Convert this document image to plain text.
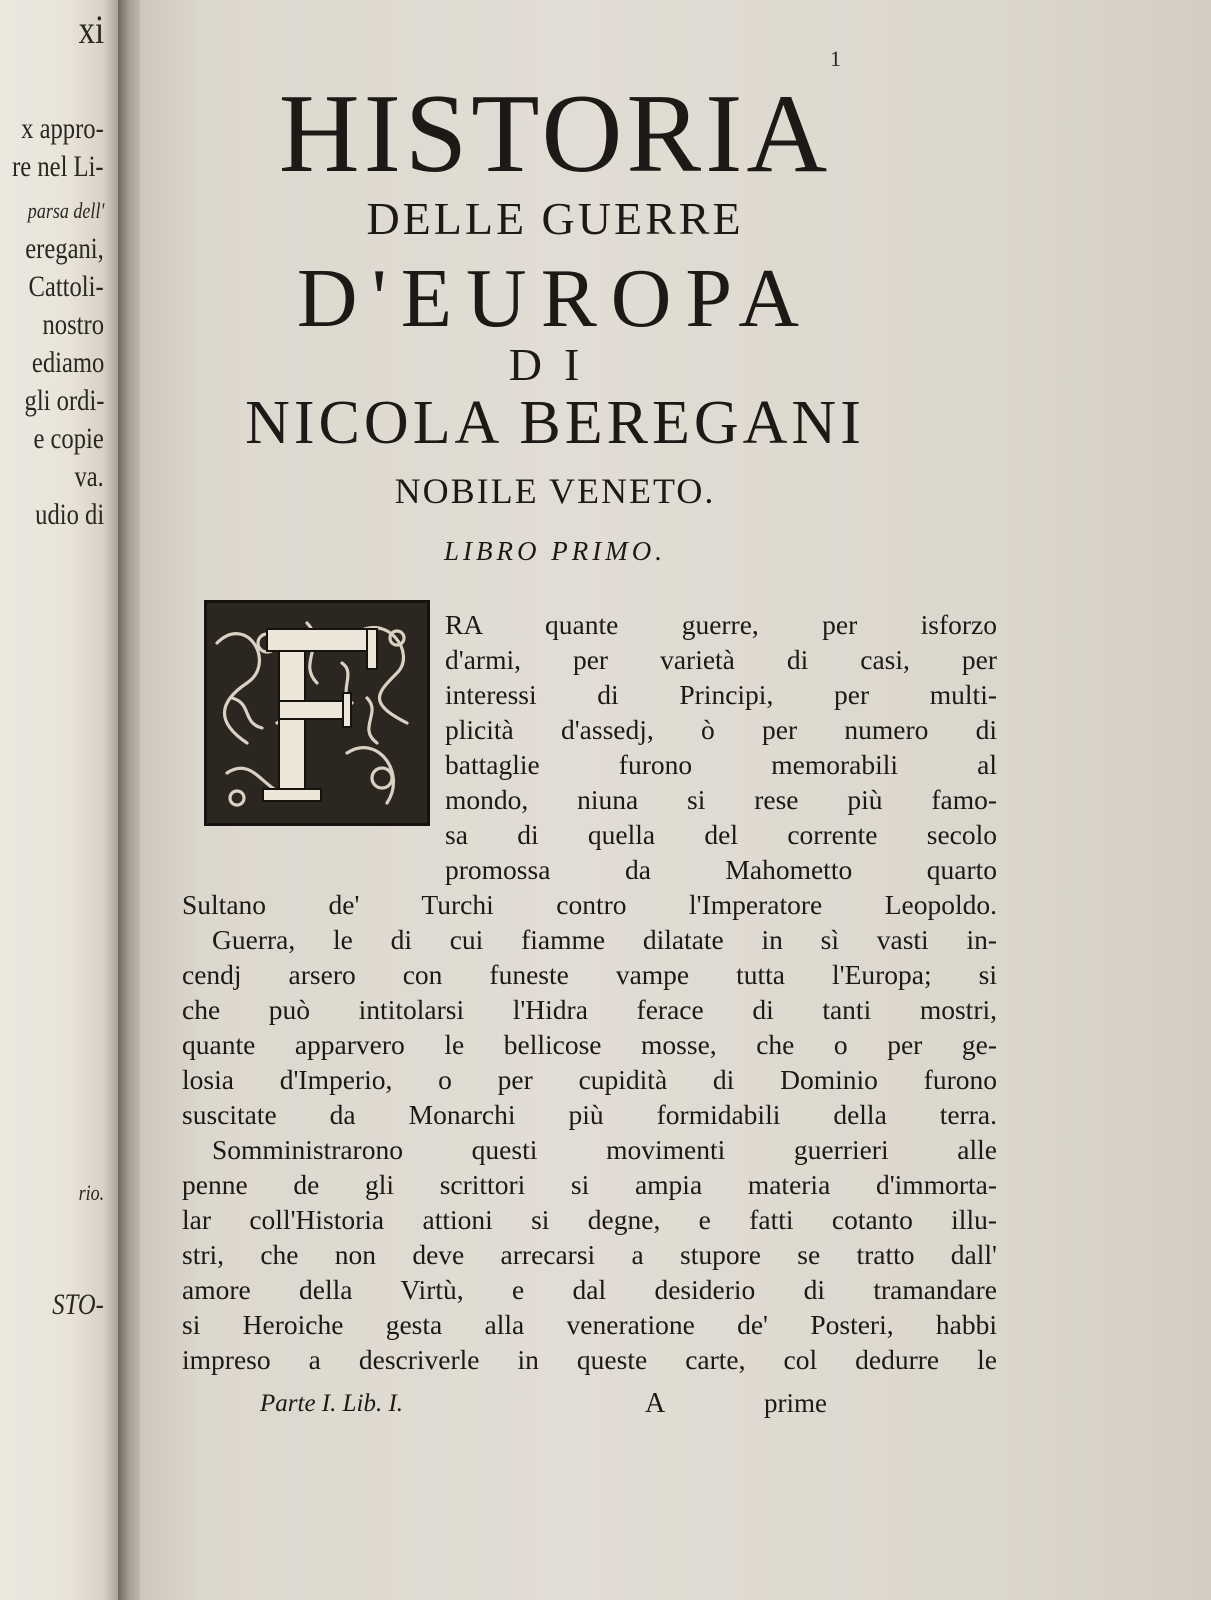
xi
x appro-
re nel Li-
parsa dell'
eregani,
Cattoli-
nostro
ediamo
gli ordi-
e copie
va.
udio di
rio.
STO-
1
HISTORIA
DELLE GUERRE
D'EUROPA
DI
NICOLA BEREGANI
NOBILE VENETO.
LIBRO PRIMO.
RA quante guerre, per isforzo
d'armi, per varietà di casi, per
interessi di Principi, per multi-
plicità d'assedj, ò per numero di
battaglie furono memorabili al
mondo, niuna si rese più famo-
sa di quella del corrente secolo
promossa da Mahometto quarto
Sultano de' Turchi contro l'Imperatore Leopoldo.
Guerra, le di cui fiamme dilatate in sì vasti in-
cendj arsero con funeste vampe tutta l'Europa; si
che può intitolarsi l'Hidra ferace di tanti mostri,
quante apparvero le bellicose mosse, che o per ge-
losia d'Imperio, o per cupidità di Dominio furono
suscitate da Monarchi più formidabili della terra.
Somministrarono questi movimenti guerrieri alle
penne de gli scrittori si ampia materia d'immorta-
lar coll'Historia attioni si degne, e fatti cotanto illu-
stri, che non deve arrecarsi a stupore se tratto dall'
amore della Virtù, e dal desiderio di tramandare
si Heroiche gesta alla veneratione de' Posteri, habbi
impreso a descriverle in queste carte, col dedurre le
Parte I. Lib. I.	A	prime
